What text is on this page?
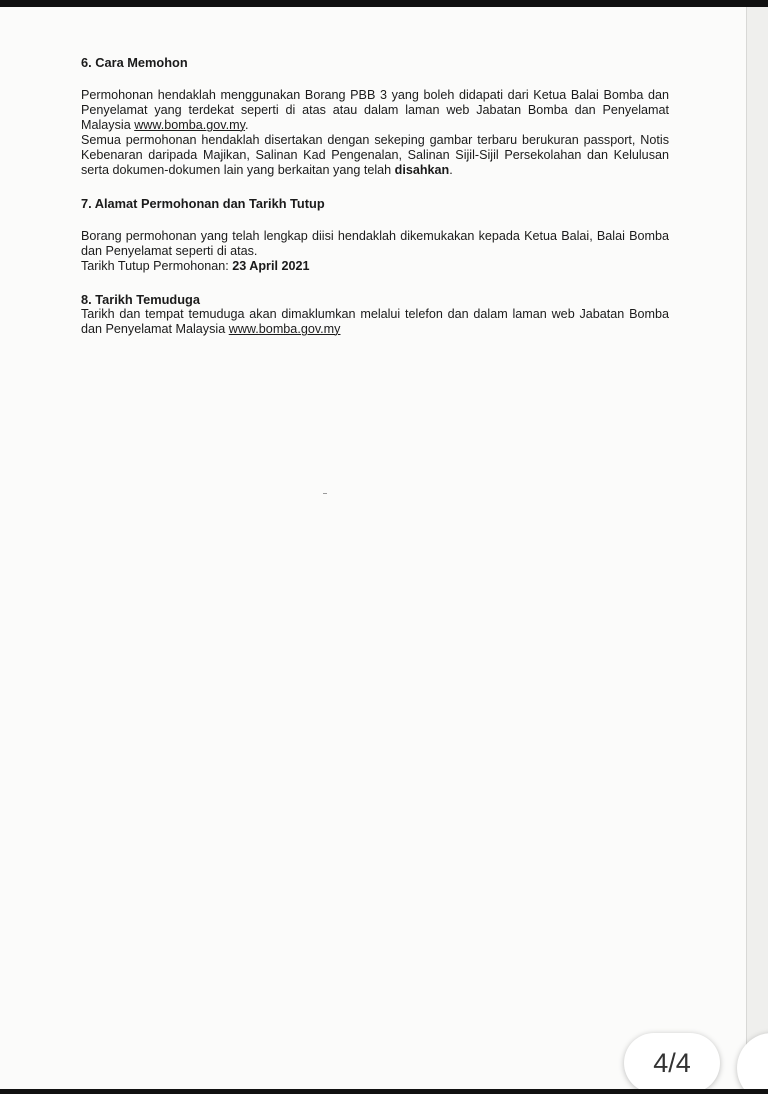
6. Cara Memohon

Permohonan hendaklah menggunakan Borang PBB 3 yang boleh didapati dari Ketua Balai Bomba dan Penyelamat yang terdekat seperti di atas atau dalam laman web Jabatan Bomba dan Penyelamat Malaysia www.bomba.gov.my.

Semua permohonan hendaklah disertakan dengan sekeping gambar terbaru berukuran passport, Notis Kebenaran daripada Majikan, Salinan Kad Pengenalan, Salinan Sijil-Sijil Persekolahan dan Kelulusan serta dokumen-dokumen lain yang berkaitan yang telah disahkan.

7. Alamat Permohonan dan Tarikh Tutup

Borang permohonan yang telah lengkap diisi hendaklah dikemukakan kepada Ketua Balai, Balai Bomba dan Penyelamat seperti di atas.

Tarikh Tutup Permohonan: 23 April 2021

8. Tarikh Temuduga

Tarikh dan tempat temuduga akan dimaklumkan melalui telefon dan dalam laman web Jabatan Bomba dan Penyelamat Malaysia www.bomba.gov.my

4/4
